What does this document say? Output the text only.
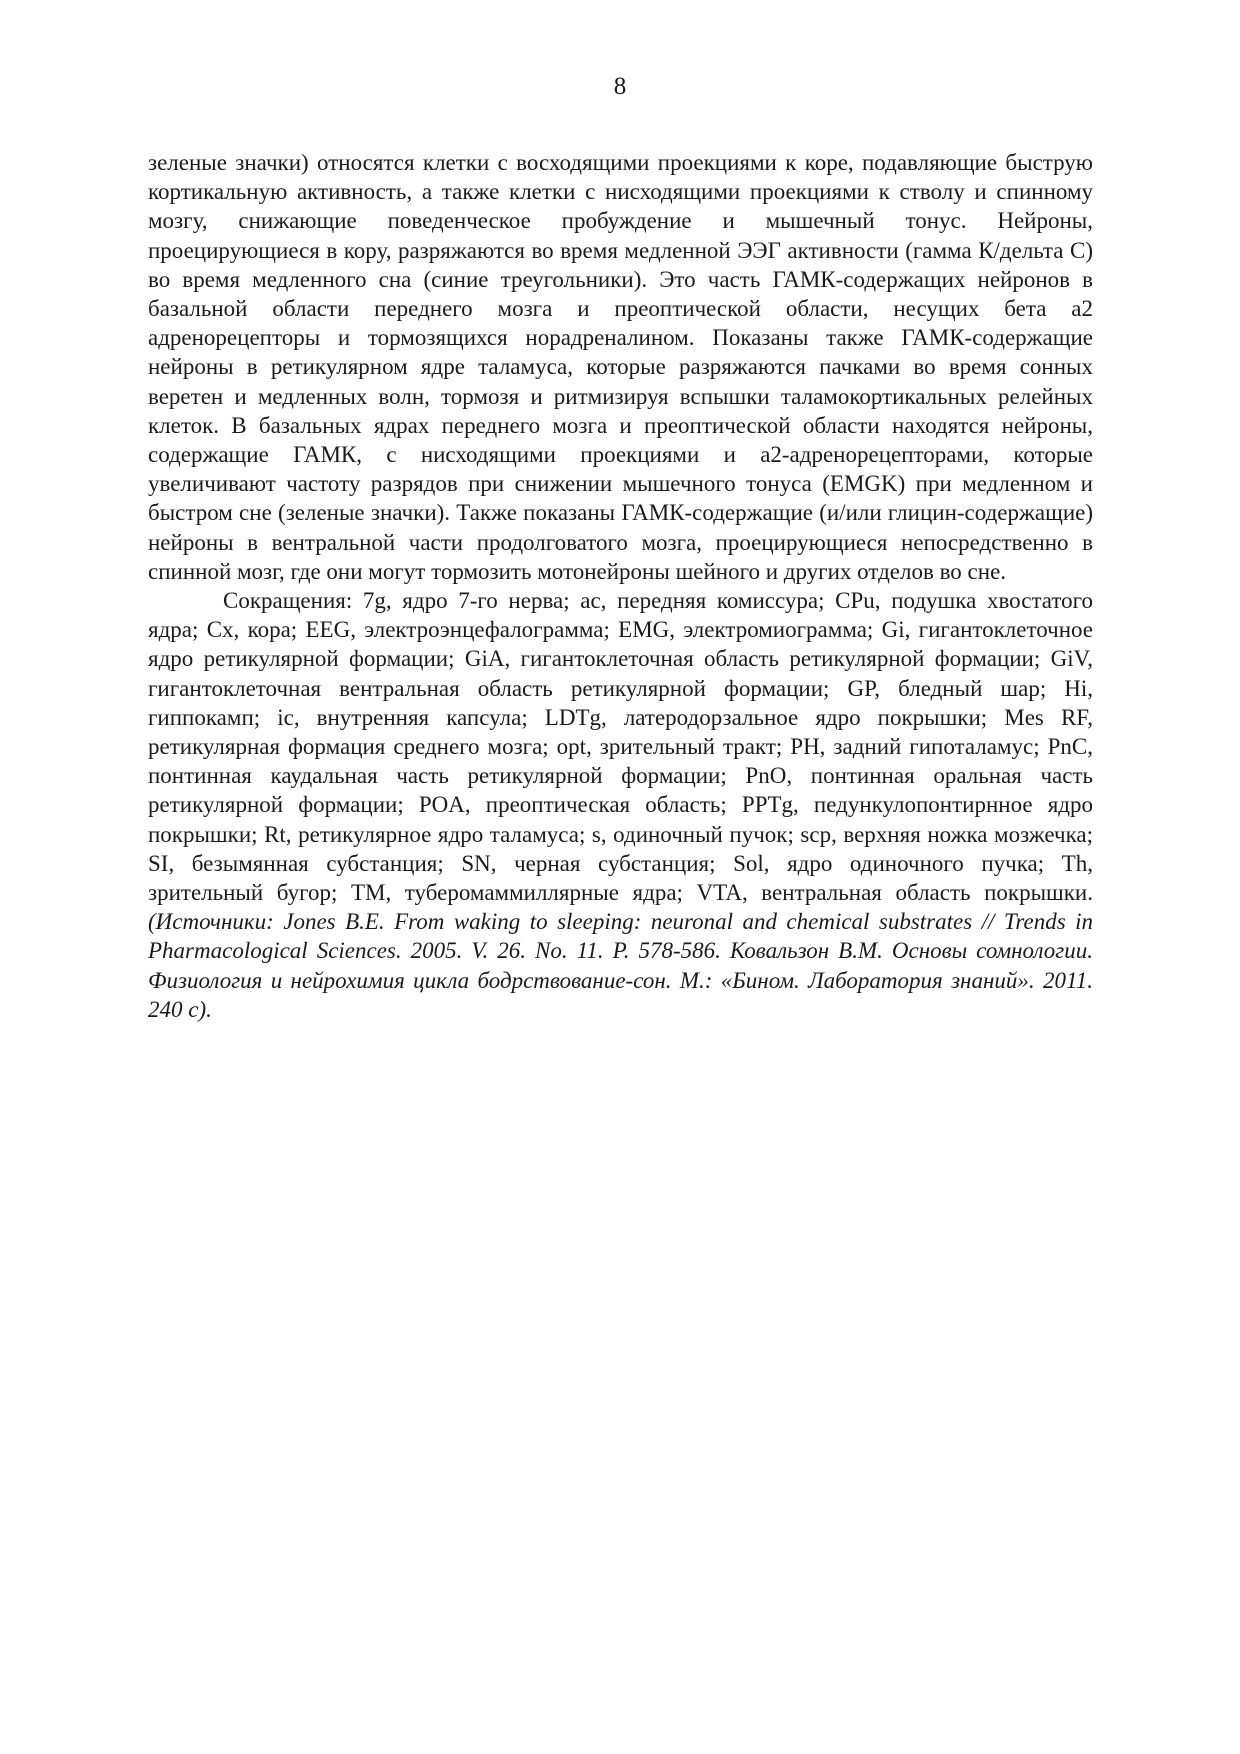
8

зеленые значки) относятся клетки с восходящими проекциями к коре, подавляющие быструю кортикальную активность, а также клетки с нисходящими проекциями к стволу и спинному мозгу, снижающие поведенческое пробуждение и мышечный тонус. Нейроны, проецирующиеся в кору, разряжаются во время медленной ЭЭГ активности (гамма К/дельта С) во время медленного сна (синие треугольники). Это часть ГАМК-содержащих нейронов в базальной области переднего мозга и преоптической области, несущих бета а2 адренорецепторы и тормозящихся норадреналином. Показаны также ГАМК-содержащие нейроны в ретикулярном ядре таламуса, которые разряжаются пачками во время сонных веретен и медленных волн, тормозя и ритмизируя вспышки таламокортикальных релейных клеток. В базальных ядрах переднего мозга и преоптической области находятся нейроны, содержащие ГАМК, с нисходящими проекциями и а2-адренорецепторами, которые увеличивают частоту разрядов при снижении мышечного тонуса (EMGK) при медленном и быстром сне (зеленые значки). Также показаны ГАМК-содержащие (и/или глицин-содержащие) нейроны в вентральной части продолговатого мозга, проецирующиеся непосредственно в спинной мозг, где они могут тормозить мотонейроны шейного и других отделов во сне.

Сокращения: 7g, ядро 7-го нерва; ac, передняя комиссура; CPu, подушка хвостатого ядра; Cx, кора; EEG, электроэнцефалограмма; EMG, электромиограмма; Gi, гигантоклеточное ядро ретикулярной формации; GiA, гигантоклеточная область ретикулярной формации; GiV, гигантоклеточная вентральная область ретикулярной формации; GP, бледный шар; Hi, гиппокамп; ic, внутренняя капсула; LDTg, латеродорзальное ядро покрышки; Mes RF, ретикулярная формация среднего мозга; opt, зрительный тракт; PH, задний гипоталамус; PnC, понтинная каудальная часть ретикулярной формации; PnO, понтинная оральная часть ретикулярной формации; POA, преоптическая область; PPTg, педункулопонтирнное ядро покрышки; Rt, ретикулярное ядро таламуса; s, одиночный пучок; scp, верхняя ножка мозжечка; SI, безымянная субстанция; SN, черная субстанция; Sol, ядро одиночного пучка; Th, зрительный бугор; TM, туберомаммиллярные ядра; VTA, вентральная область покрышки. (Источники: Jones B.E. From waking to sleeping: neuronal and chemical substrates // Trends in Pharmacological Sciences. 2005. V. 26. No. 11. P. 578-586. Ковальзон В.М. Основы сомнологии. Физиология и нейрохимия цикла бодрствование-сон. М.: «Бином. Лаборатория знаний». 2011. 240 с).
